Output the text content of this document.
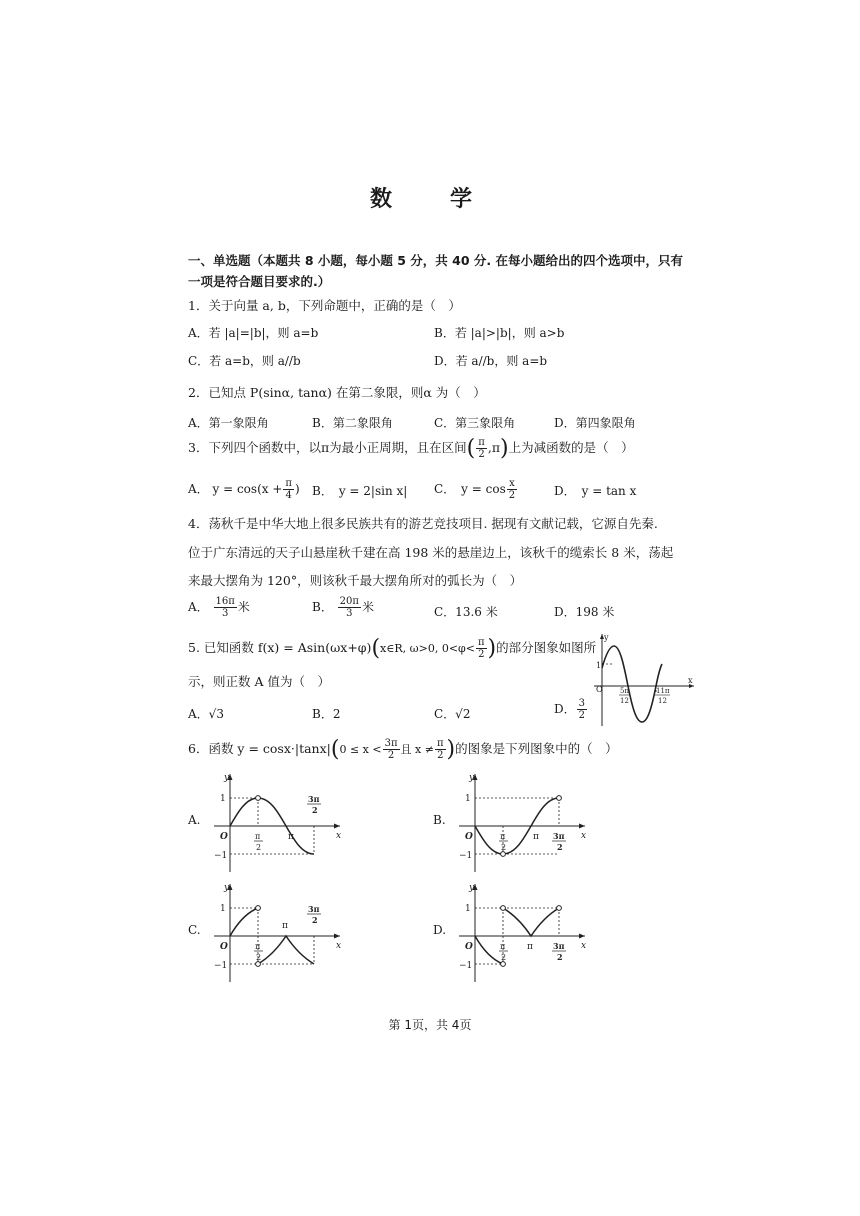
数　学
一、单选题（本题共 8 小题，每小题 5 分，共 40 分. 在每小题给出的四个选项中，只有
一项是符合题目要求的.）
1．关于向量 a, b，下列命题中，正确的是（　）
A．若 |a|=|b|，则 a=b	B．若 |a|>|b|，则 a>b
C．若 a=b，则 a//b	D．若 a//b，则 a=b
2．已知点 P(sinα, tanα) 在第二象限，则α 为（　）
A．第一象限角	B．第二象限角	C．第三象限角	D．第四象限角
3．下列四个函数中，以π为最小正周期，且在区间( $\frac{\pi}{2} ,\pi$)上为减函数的是（　）
A． $y = \cos(x + \frac{\pi}{4}$ ) B．　y = 2|sin x| C．　$y = \cos \frac{x}{2}$	D．　y = tan x
4．荡秋千是中华大地上很多民族共有的游艺竞技项目. 据现有文献记载，它源自先秦.
位于广东清远的天子山悬崖秋千建在高 198 米的悬崖边上，该秋千的缆索长 8 米，荡起
来最大摆角为 120°，则该秋千最大摆角所对的弧长为（　）
A． $\frac{16\pi}{3}$ 米	B． $\frac{20\pi}{3}$ 米	C．13.6 米	D．198 米
5. 已知函数 f(x) = Asin(ωx+φ)(x∈R, ω>0, $0<\varphi< \frac{\pi}{2}$ )的部分图象如图所
示，则正数 A 值为（　）
A．√3	B．2	C．√2	D． $\frac{3}{2}$
y
x
1
O 5π
12
11π
12
6．函数 $y = \cos x\cdot|\tan x|(0 \le x < \frac{3\pi}{2}$ 且 $x \ne \frac{\pi}{2}$ )的图象是下列图象中的（　）
A.	B.
C.	D.
y
x
1
−1
O	π
π
2
3π
2
y
x
1
−1
O	π
π
2
3π
2
y
x
1
−1
O
π
π
2
3π
2
y
x
1
−1
O	π
π
2
3π
2
第 1页，共 4页
